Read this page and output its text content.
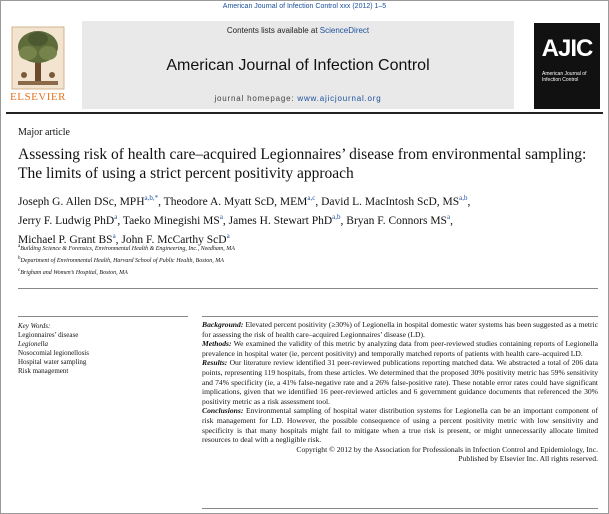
American Journal of Infection Control xxx (2012) 1–5
ELSEVIER
Contents lists available at ScienceDirect
American Journal of Infection Control
journal homepage: www.ajicjournal.org
AJIC
American Journal of Infection Control
Major article
Assessing risk of health care–acquired Legionnaires’ disease from environmental sampling: The limits of using a strict percent positivity approach
Joseph G. Allen DSc, $MPH^{a,b,*}$, Theodore A. Myatt ScD, MEM$^{a,c}$, David L. MacIntosh ScD, MS$^{a,b}$,
Jerry F. Ludwig PhD$^a$, Taeko Minegishi $MS^a$, James H. Stewart PhD$^{a,b}$, Bryan F. Connors $MS^a$,
Michael P. Grant $BS^a$, John F. McCarthy ScD$^a$
$^a$Building Science & Forensics, Environmental Health & Engineering, Inc., Needham, MA
$^b$Department of Environmental Health, Harvard School of Public Health, Boston, MA
$^c$Brigham and Women’s Hospital, Boston, MA
Key Words:
Legionnaires’ disease
Legionella
Nosocomial legionellosis
Hospital water sampling
Risk management

Background: Elevated percent positivity (≥30%) of Legionella in hospital domestic water systems has been suggested as a metric for assessing the risk of health care–acquired Legionnaires’ disease (LD).

Methods: We examined the validity of this metric by analyzing data from peer-reviewed studies containing reports of Legionella prevalence in hospital water (ie, percent positivity) and temporally matched reports of patients with health care–acquired LD.

Results: Our literature review identified 31 peer-reviewed publications reporting matched data. We abstracted a total of 206 data points, representing 119 hospitals, from these articles. We determined that the proposed 30% positivity metric has 59% sensitivity and 74% specificity (ie, a 41% false-negative rate and a 26% false-positive rate). These notable error rates could have significant implications, given that we identified 16 peer-reviewed articles and 6 government guidance documents that referenced the 30% positivity metric as a risk assessment tool.

Conclusions: Environmental sampling of hospital water distribution systems for Legionella can be an important component of risk management for LD. However, the possible consequence of using a percent positivity metric with low sensitivity and specificity is that many hospitals might fail to mitigate when a true risk is present, or might unnecessarily allocate limited resources to deal with a negligible risk.

Copyright © 2012 by the Association for Professionals in Infection Control and Epidemiology, Inc.

Published by Elsevier Inc. All rights reserved.
